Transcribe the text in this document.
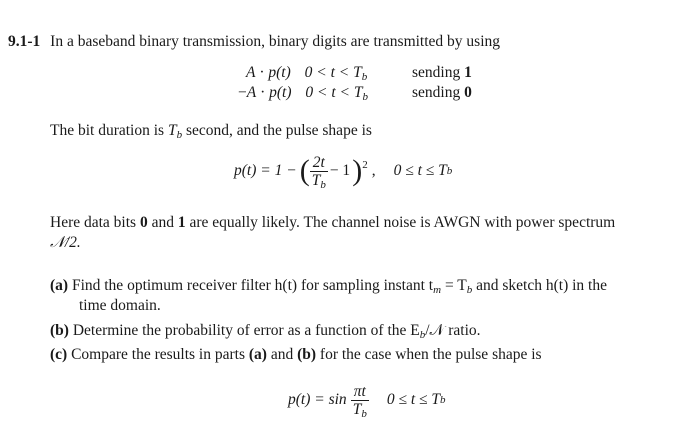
9.1-1 In a baseband binary transmission, binary digits are transmitted by using
A · p(t) $0 < t < T_b$	sending 1
−A · p(t) $0 < t < T_b$	sending 0
The bit duration is $T_b$ second, and the pulse shape is
p(t) = 1 − ( $\frac{2t}{T_b} - 1$ ) 2 , 0 ≤ t ≤ T b
Here data bits 0 and 1 are equally likely. The channel noise is AWGN with power spectrum
𝒩/2.
(a) Find the optimum receiver filter h(t) for sampling instant $t_m = T_b$ and sketch h(t) in the
time domain.
(b) Determine the probability of error as a function of the $E_b/𝒩$ ratio.
(c) Compare the results in parts (a) and (b) for the case when the pulse shape is
$p(t) = \sin \frac{\pi t}{T_b} 0 \le t \le T$ b
